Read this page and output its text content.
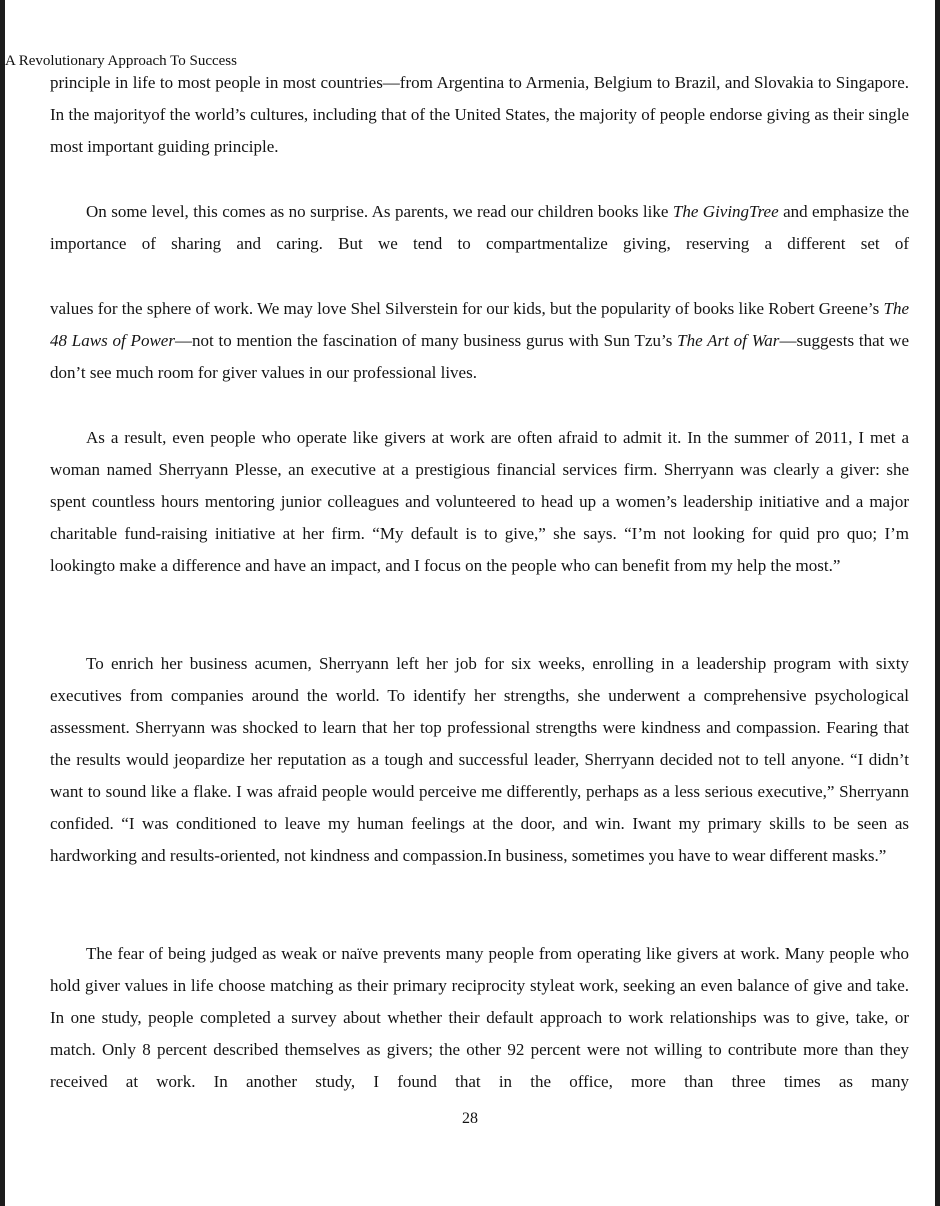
A Revolutionary Approach To Success

principle in life to most people in most countries—from Argentina to Armenia, Belgium to Brazil, and Slovakia to Singapore. In the majorityof the world’s cultures, including that of the United States, the majority of people endorse giving as their single most important guiding principle.

On some level, this comes as no surprise. As parents, we read our children books like The GivingTree and emphasize the importance of sharing and caring. But we tend to compartmentalize giving, reserving a different set of

values for the sphere of work. We may love Shel Silverstein for our kids, but the popularity of books like Robert Greene’s The 48 Laws of Power—not to mention the fascination of many business gurus with Sun Tzu’s The Art of War—suggests that we don’t see much room for giver values in our professional lives.

As a result, even people who operate like givers at work are often afraid to admit it. In the summer of 2011, I met a woman named Sherryann Plesse, an executive at a prestigious financial services firm. Sherryann was clearly a giver: she spent countless hours mentoring junior colleagues and volunteered to head up a women’s leadership initiative and a major charitable fund-raising initiative at her firm. “My default is to give,” she says. “I’m not looking for quid pro quo; I’m lookingto make a difference and have an impact, and I focus on the people who can benefit from my help the most.”

To enrich her business acumen, Sherryann left her job for six weeks, enrolling in a leadership program with sixty executives from companies around the world. To identify her strengths, she underwent a comprehensive psychological assessment. Sherryann was shocked to learn that her top professional strengths were kindness and compassion. Fearing that the results would jeopardize her reputation as a tough and successful leader, Sherryann decided not to tell anyone. “I didn’t want to sound like a flake. I was afraid people would perceive me differently, perhaps as a less serious executive,” Sherryann confided. “I was conditioned to leave my human feelings at the door, and win. Iwant my primary skills to be seen as hardworking and results-oriented, not kindness and compassion.In business, sometimes you have to wear different masks.”

The fear of being judged as weak or naïve prevents many people from operating like givers at work. Many people who hold giver values in life choose matching as their primary reciprocity styleat work, seeking an even balance of give and take. In one study, people completed a survey about whether their default approach to work relationships was to give, take, or match. Only 8 percent described themselves as givers; the other 92 percent were not willing to contribute more than they received at work. In another study, I found that in the office, more than three times as many

28
